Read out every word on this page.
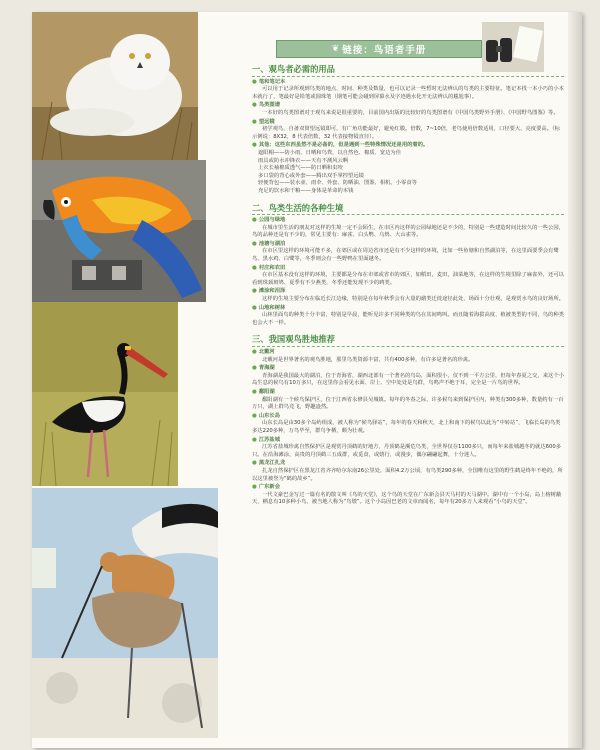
❦ 链接：鸟语者手册
一、观鸟者必需的用品
● 笔和笔记本

可以用于记录所观到鸟类的地点、时间、种类及数量，也可以记录一些暂时无法辨认的鸟类的主要特征。笔记本找一本小巧的小本本就行了，笔最好是铅笔或圆珠笔（钢笔可能会碰到屏幕水及字迹遇水化开无法辨认的尴尬事）。

● 鸟类图谱

一本好的鸟类图谱对于观鸟来说是很重要的，目前国内出版的比较好的鸟类图谱有《中国鸟类野外手册》、《中国野鸟图鉴》等。

● 望远镜

初学观鸟，自备双筒望远镜即可，有广角功能最好，避免红膜。倍数，7~10倍，老鸟使用倍数适用，口径要大，亮度要高。（标示例说：8X32，8 代表倍数，32 代表接物镜直径）。

● 其他：这些东西虽然不是必备的，但是遇到一些特殊情况还是用的着的。

遮阳帽——防小雨、日晒和鸟粪，以自然色、棉质、宽边为佳

雨具或防水冲锋衣——天有不测风云啊

上衣长袖棉质透气——防日晒和虫咬

多口袋的背心或外套——腾出双手掌控望远镜

轻便背包——装水壶、雨伞、外套、防晒油、图鉴、相机、小零食等

充足的饮水和干粮——身体是革命的本钱

二、鸟类生活的各种生境
● 公园与绿地

在城市里生活的朋友对这样的生境一定不会陌生，在市区内这样的公园绿地还是不少的，特别是一些建造时间比较久的一些公园，鸟的品种还是有不少的，常见主要有：麻雀、白头鹎、乌鸫、大山雀等。

● 池塘与湖泊

在市区里这样的环境可能不多，在郊区或在周边省市还是有不少这样的环境，比如一些鱼塘和自然湖泊等，在这里面要季会有鹭鸟、黑水鸡、白鹭等，冬季则会有一些野鸭在里面越冬。

● 村庄和农田

在市区基本没有这样的环境，主要都是分布在市郊或省市的郊区，如稻田，麦田，油菜地等，在这样的生境里除了麻雀外，还可以看到珠颈斑鸠、夏季有不少燕类，冬季还能发现不少的鹀类。

● 滩涂和沼泽

这样的生境主要分布在临近长江边缘，特别是在每年秋季会有大量的鹬类迁徙途径此处，场面十分壮观，是观赏水鸟的良好场所。

● 山地和树林

山林里面鸟的种类十分丰富，特别是早晨，能听见许多不同种类的鸟在其间鸣叫。而且随着海拔高度、植被类型的不同，鸟的种类也会大不一样。

三、我国观鸟胜地推荐
● 北戴河

北戴河是世界著名的观鸟胜地，那里鸟类资源丰富，共有400多种，有许多是著名的珍禽。

● 青海湖

青海湖是我国最大的湖泊，位于青海省，湖西北部有一个著名的鸟岛，面积很小，仅不到一平方公里，但每年春夏之交，来这个小岛生息的候鸟有10万多只，在这里你会看见水面、岸上、空中处处是鸟群，鸟鸣声不绝于耳，完全是一片鸟的世界。

● 鄱阳湖

鄱阳湖有一个候鸟保护区，位于江西省永修县吴城镇。每年的冬春之际，许多候鸟来到保护区内，种类有300多种，数量约有一百万只，湖上群鸟竞飞，野趣盎然。

● 山东长岛

山东长岛是由30多个岛屿组成，被人称为“候鸟驿站”，每年的春天和秋天，北上和南下的候鸟以此为“中转站”，飞临长岛的鸟类多达220多种，万鸟毕至，群鸟争栖，颇为壮观。

● 江苏盐城

江苏省盐城珍禽自然保护区是观赏丹顶鹤的好地方，丹顶鹤是濒危鸟类，全世界仅存1100多只，而每年来盐城越冬的就达600多只。在沿海滩涂，高贵的丹顶鹤三五成群，或觅食，或嬉行，或漫步，偶尔翩翩起舞，十分迷人。

● 黑龙江扎龙

扎龙自然保护区在黑龙江省齐齐哈尔东南26公里处，面积4.2万公顷，有鸟类290多种，全国唯有这里的野生鹤是终年不绝的，所以这里被誉为“鹤的故乡”。

● 广东新会

一代文豪巴金写过一篇有名的散文叫《鸟的天堂》，这个鸟的天堂在广东新会县天马村的天马湖中。湖中有一个小岛，岛上榕树蔽天，栖息有10多种小鸟，被当地人称为“鸟墩”。这个小岛因巴老的文章而闻名，每年有20多万人来观看“小鸟的天堂”。
